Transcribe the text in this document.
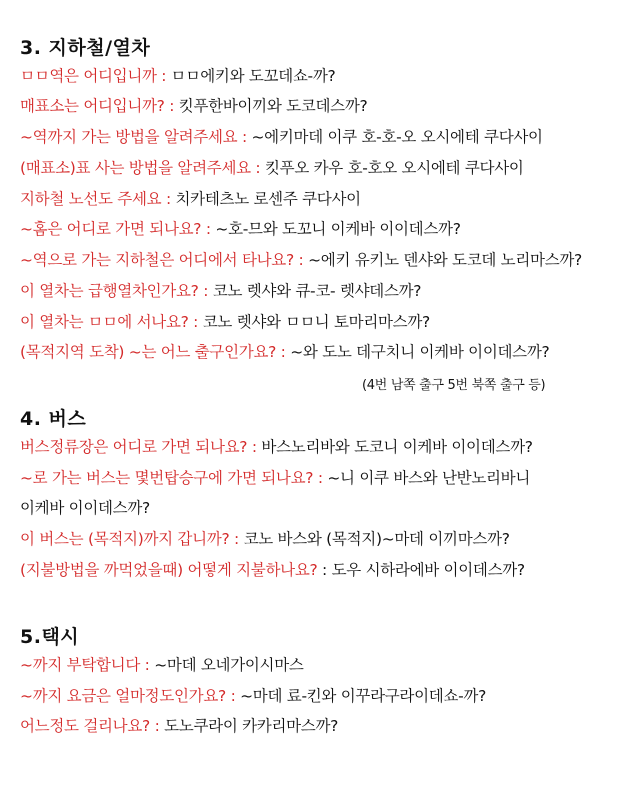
3. 지하철/열차
ㅁㅁ역은 어디입니까 : ㅁㅁ에키와 도꼬데쇼-까?
매표소는 어디입니까? : 킷푸한바이끼와 도코데스까?
~역까지 가는 방법을 알려주세요 : ~에키마데 이쿠 호-호-오 오시에테 쿠다사이
(매표소)표 사는 방법을 알려주세요 : 킷푸오 카우 호-호오 오시에테 쿠다사이
지하철 노선도 주세요 : 치카테츠노 로센주 쿠다사이
~홈은 어디로 가면 되나요? : ~호-므와 도꼬니 이케바 이이데스까?
~역으로 가는 지하철은 어디에서 타나요? : ~에키 유키노 덴샤와 도코데 노리마스까?
이 열차는 급행열차인가요? : 코노 렛샤와 큐-코- 렛샤데스까?
이 열차는 ㅁㅁ에 서나요? : 코노 렛샤와 ㅁㅁ니 토마리마스까?
(목적지역 도착) ~는 어느 출구인가요? : ~와 도노 데구치니 이케바 이이데스까?
(4번 남쪽 출구 5번 북쪽 출구 등)
4. 버스
버스정류장은 어디로 가면 되나요? : 바스노리바와 도코니 이케바 이이데스까?
~로 가는 버스는 몇번탑승구에 가면 되나요? : ~니 이쿠 바스와 난반노리바니
이케바 이이데스까?
이 버스는 (목적지)까지 갑니까? : 코노 바스와 (목적지)~마데 이끼마스까?
(지불방법을 까먹었을때) 어떻게 지불하나요? : 도우 시하라에바 이이데스까?
5.택시
~까지 부탁합니다 : ~마데 오네가이시마스
~까지 요금은 얼마정도인가요? : ~마데 료-킨와 이꾸라구라이데쇼-까?
어느정도 걸리나요? : 도노쿠라이 카카리마스까?
